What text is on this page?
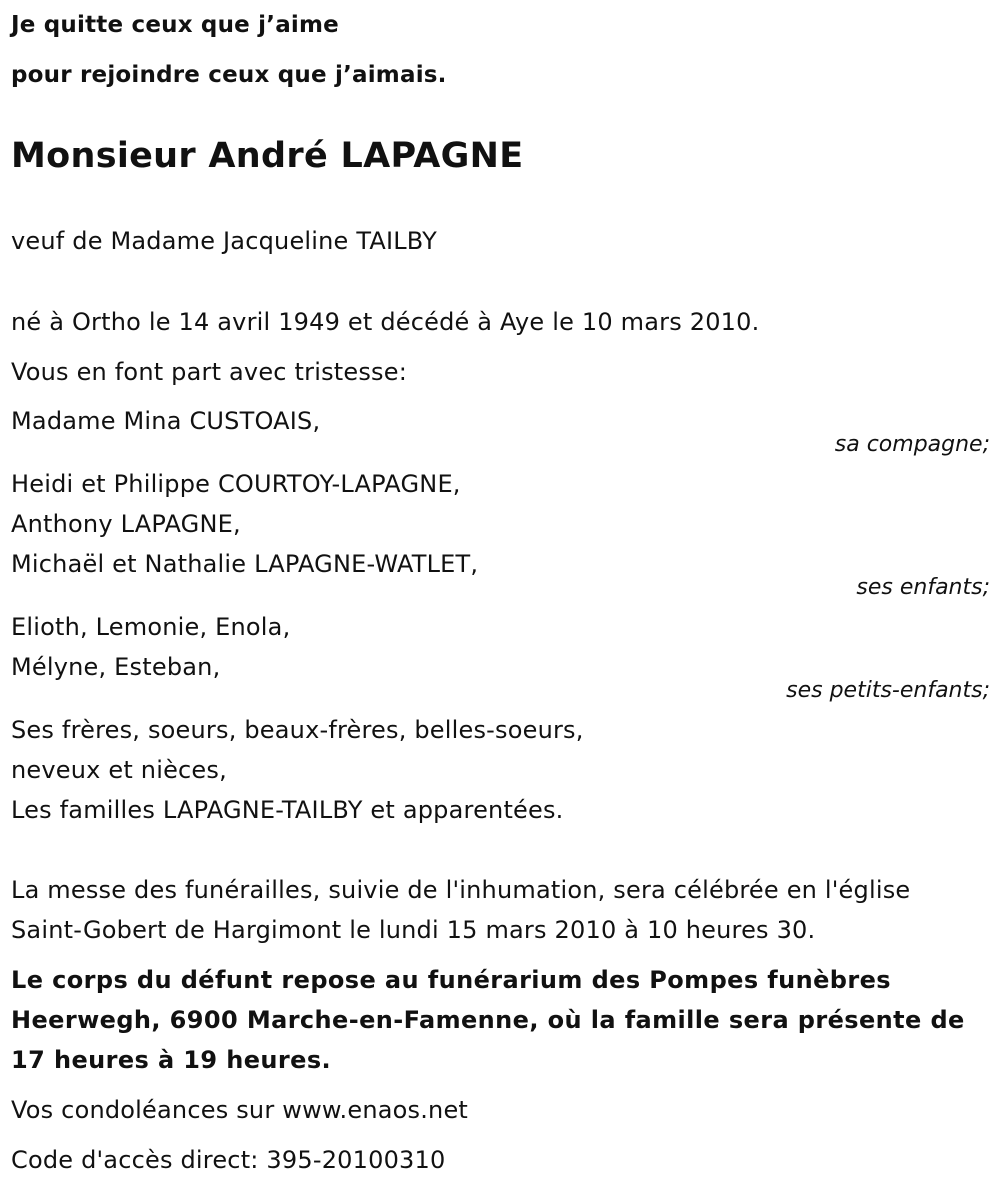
Je quitte ceux que j’aime

pour rejoindre ceux que j’aimais.

Monsieur André LAPAGNE

veuf de Madame Jacqueline TAILBY

né à Ortho le 14 avril 1949 et décédé à Aye le 10 mars 2010.

Vous en font part avec tristesse:

Madame Mina CUSTOAIS,

sa compagne;

Heidi et Philippe COURTOY-LAPAGNE,

Anthony LAPAGNE,

Michaël et Nathalie LAPAGNE-WATLET,

ses enfants;

Elioth, Lemonie, Enola,

Mélyne, Esteban,

ses petits-enfants;

Ses frères, soeurs, beaux-frères, belles-soeurs,

neveux et nièces,

Les familles LAPAGNE-TAILBY et apparentées.

La messe des funérailles, suivie de l'inhumation, sera célébrée en l'église

Saint-Gobert de Hargimont le lundi 15 mars 2010 à 10 heures 30.

Le corps du défunt repose au funérarium des Pompes funèbres

Heerwegh, 6900 Marche-en-Famenne, où la famille sera présente de

17 heures à 19 heures.

Vos condoléances sur www.enaos.net

Code d'accès direct: 395-20100310
